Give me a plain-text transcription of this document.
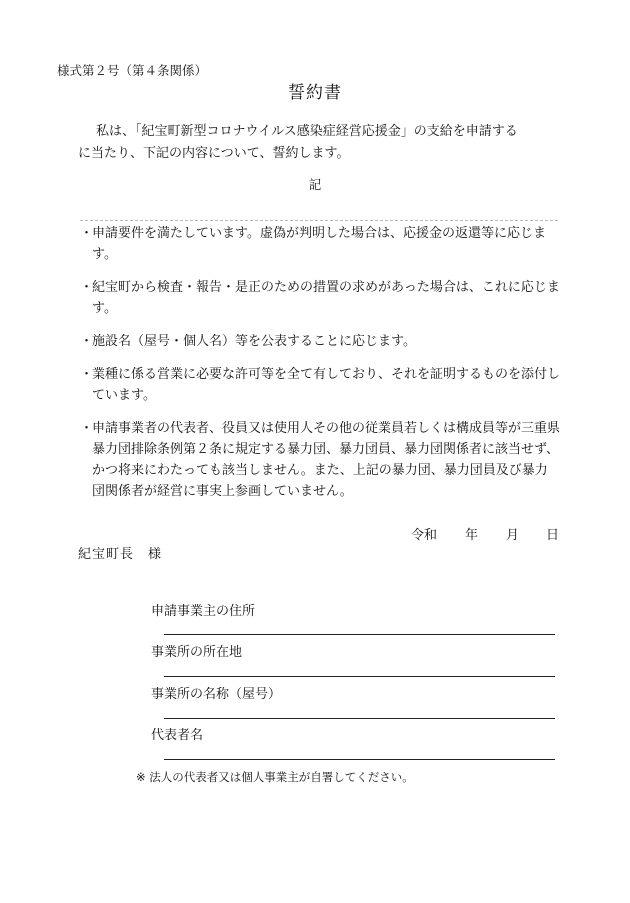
様式第２号（第４条関係）
誓約書
私は、「紀宝町新型コロナウイルス感染症経営応援金」の支給を申請する
に当たり、下記の内容について、誓約します。
記
・
申請要件を満たしています。虚偽が判明した場合は、応援金の返還等に応じます。
・
紀宝町から検査・報告・是正のための措置の求めがあった場合は、これに応じます。
・
施設名（屋号・個人名）等を公表することに応じます。
・
業種に係る営業に必要な許可等を全て有しており、それを証明するものを添付しています。
・
申請事業者の代表者、役員又は使用人その他の従業員若しくは構成員等が三重県暴力団排除条例第２条に規定する暴力団、暴力団員、暴力団関係者に該当せず、かつ将来にわたっても該当しません。また、上記の暴力団、暴力団員及び暴力団関係者が経営に事実上参画していません。
令和 年 月 日
紀宝町長　様
申請事業主の住所
事業所の所在地
事業所の名称（屋号）
代表者名
※ 法人の代表者又は個人事業主が自署してください。
